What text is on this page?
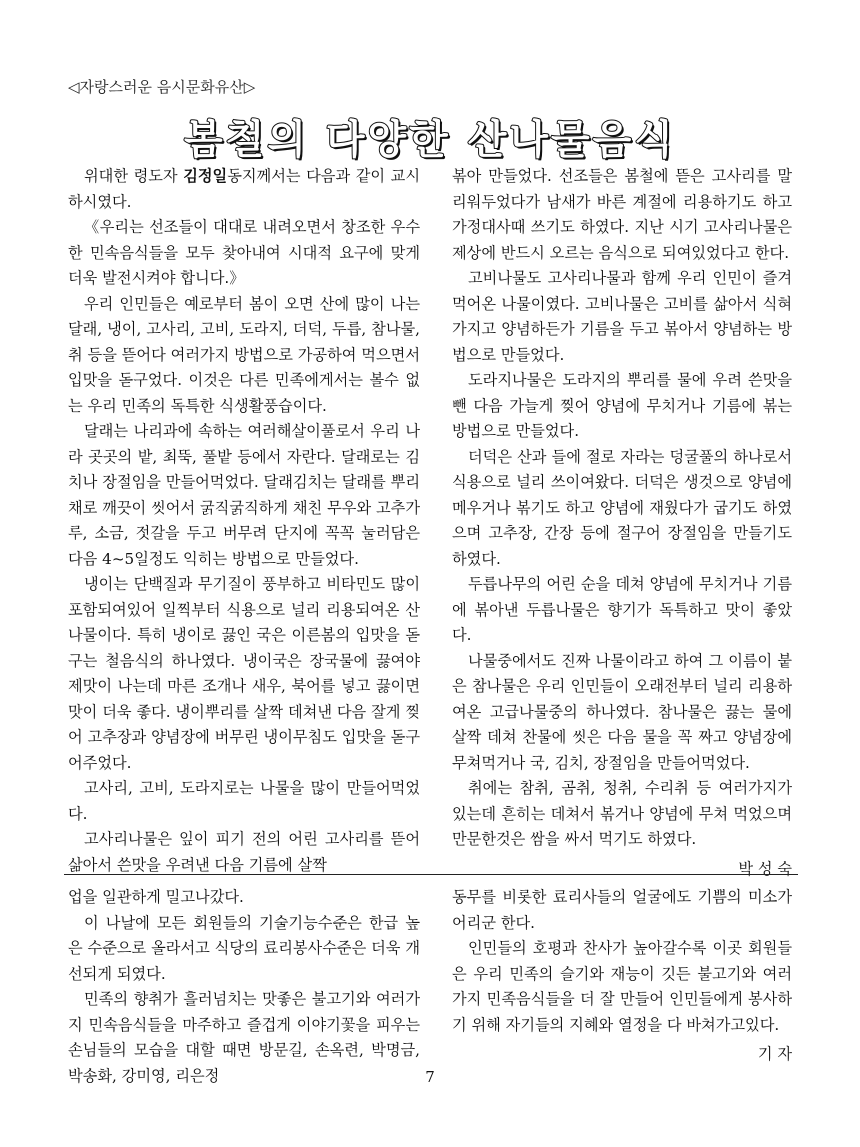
◁자랑스러운 음시문화유산▷
봄철의 다양한 산나물음식

위대한 령도자 김정일동지께서는 다음과 같이 교시하시였다.

《우리는 선조들이 대대로 내려오면서 창조한 우수한 민속음식들을 모두 찾아내여 시대적 요구에 맞게 더욱 발전시켜야 합니다.》

우리 인민들은 예로부터 봄이 오면 산에 많이 나는 달래, 냉이, 고사리, 고비, 도라지, 더덕, 두릅, 참나물, 취 등을 뜯어다 여러가지 방법으로 가공하여 먹으면서 입맛을 돋구었다. 이것은 다른 민족에게서는 볼수 없는 우리 민족의 독특한 식생활풍습이다.

달래는 나리과에 속하는 여러해살이풀로서 우리 나라 곳곳의 밭, 최뚝, 풀밭 등에서 자란다. 달래로는 김치나 장절임을 만들어먹었다. 달래김치는 달래를 뿌리채로 깨끗이 씻어서 굵직굵직하게 채친 무우와 고추가루, 소금, 젓갈을 두고 버무려 단지에 꼭꼭 눌러담은 다음 4~5일정도 익히는 방법으로 만들었다.

냉이는 단백질과 무기질이 풍부하고 비타민도 많이 포함되여있어 일찍부터 식용으로 널리 리용되여온 산나물이다. 특히 냉이로 끓인 국은 이른봄의 입맛을 돋구는 철음식의 하나였다. 냉이국은 장국물에 끓여야 제맛이 나는데 마른 조개나 새우, 북어를 넣고 끓이면 맛이 더욱 좋다. 냉이뿌리를 살짝 데쳐낸 다음 잘게 찢어 고추장과 양념장에 버무린 냉이무침도 입맛을 돋구어주었다.

고사리, 고비, 도라지로는 나물을 많이 만들어먹었다.

고사리나물은 잎이 피기 전의 어린 고사리를 뜯어 삶아서 쓴맛을 우려낸 다음 기름에 살짝

볶아 만들었다. 선조들은 봄철에 뜯은 고사리를 말리워두었다가 남새가 바른 계절에 리용하기도 하고 가정대사때 쓰기도 하였다. 지난 시기 고사리나물은 제상에 반드시 오르는 음식으로 되여있었다고 한다.

고비나물도 고사리나물과 함께 우리 인민이 즐겨먹어온 나물이였다. 고비나물은 고비를 삶아서 식혀가지고 양념하든가 기름을 두고 볶아서 양념하는 방법으로 만들었다.

도라지나물은 도라지의 뿌리를 물에 우려 쓴맛을 뺀 다음 가늘게 찢어 양념에 무치거나 기름에 볶는 방법으로 만들었다.

더덕은 산과 들에 절로 자라는 덩굴풀의 하나로서 식용으로 널리 쓰이여왔다. 더덕은 생것으로 양념에 메우거나 볶기도 하고 양념에 재웠다가 굽기도 하였으며 고추장, 간장 등에 절구어 장절임을 만들기도 하였다.

두릅나무의 어린 순을 데쳐 양념에 무치거나 기름에 볶아낸 두릅나물은 향기가 독특하고 맛이 좋았다.

나물중에서도 진짜 나물이라고 하여 그 이름이 붙은 참나물은 우리 인민들이 오래전부터 널리 리용하여온 고급나물중의 하나였다. 참나물은 끓는 물에 살짝 데쳐 찬물에 씻은 다음 물을 꼭 짜고 양념장에 무쳐먹거나 국, 김치, 장절임을 만들어먹었다.

취에는 참취, 곰취, 청취, 수리취 등 여러가지가 있는데 흔히는 데쳐서 볶거나 양념에 무쳐 먹었으며 만문한것은 쌈을 싸서 먹기도 하였다.

박 성 숙

업을 일관하게 밀고나갔다.

이 나날에 모든 회원들의 기술기능수준은 한급 높은 수준으로 올라서고 식당의 료리봉사수준은 더욱 개선되게 되였다.

민족의 향취가 흘러넘치는 맛좋은 불고기와 여러가지 민속음식들을 마주하고 즐겁게 이야기꽃을 피우는 손님들의 모습을 대할 때면 방문길, 손옥련, 박명금, 박송화, 강미영, 리은정

동무를 비롯한 료리사들의 얼굴에도 기쁨의 미소가 어리군 한다.

인민들의 호평과 찬사가 높아갈수록 이곳 회원들은 우리 민족의 슬기와 재능이 깃든 불고기와 여러가지 민족음식들을 더 잘 만들어 인민들에게 봉사하기 위해 자기들의 지혜와 열정을 다 바쳐가고있다.

기 자

7
